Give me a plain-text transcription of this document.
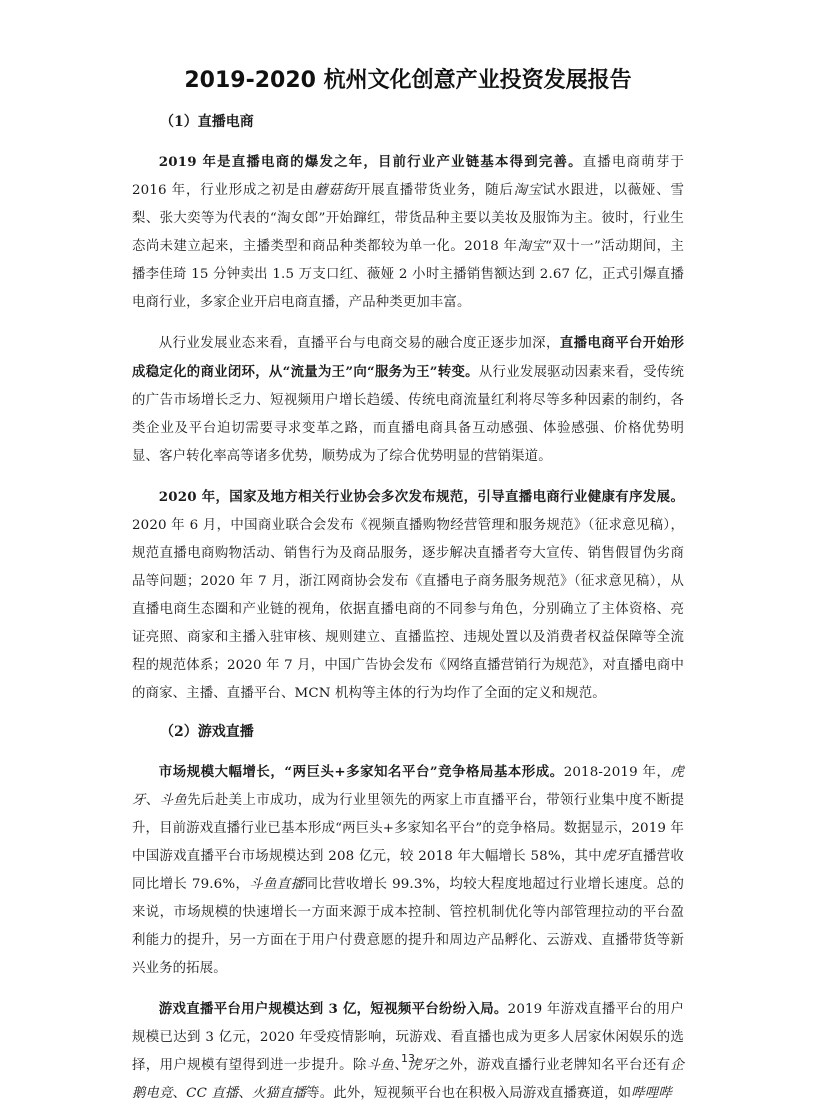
2019-2020 杭州文化创意产业投资发展报告
（1）直播电商

2019 年是直播电商的爆发之年，目前行业产业链基本得到完善。直播电商萌芽于 2016 年，行业形成之初是由蘑菇街开展直播带货业务，随后淘宝试水跟进，以薇娅、雪梨、张大奕等为代表的“淘女郎”开始蹿红，带货品种主要以美妆及服饰为主。彼时，行业生态尚未建立起来，主播类型和商品种类都较为单一化。2018 年淘宝“双十一”活动期间，主播李佳琦 15 分钟卖出 1.5 万支口红、薇娅 2 小时主播销售额达到 2.67 亿，正式引爆直播电商行业，多家企业开启电商直播，产品种类更加丰富。

从行业发展业态来看，直播平台与电商交易的融合度正逐步加深，直播电商平台开始形成稳定化的商业闭环，从“流量为王”向“服务为王”转变。从行业发展驱动因素来看，受传统的广告市场增长乏力、短视频用户增长趋缓、传统电商流量红利将尽等多种因素的制约，各类企业及平台迫切需要寻求变革之路，而直播电商具备互动感强、体验感强、价格优势明显、客户转化率高等诸多优势，顺势成为了综合优势明显的营销渠道。

2020 年，国家及地方相关行业协会多次发布规范，引导直播电商行业健康有序发展。2020 年 6 月，中国商业联合会发布《视频直播购物经营管理和服务规范》（征求意见稿），规范直播电商购物活动、销售行为及商品服务，逐步解决直播者夸大宣传、销售假冒伪劣商品等问题；2020 年 7 月，浙江网商协会发布《直播电子商务服务规范》（征求意见稿），从直播电商生态圈和产业链的视角，依据直播电商的不同参与角色，分别确立了主体资格、亮证亮照、商家和主播入驻审核、规则建立、直播监控、违规处置以及消费者权益保障等全流程的规范体系；2020 年 7 月，中国广告协会发布《网络直播营销行为规范》，对直播电商中的商家、主播、直播平台、MCN 机构等主体的行为均作了全面的定义和规范。

（2）游戏直播

市场规模大幅增长，“两巨头+多家知名平台”竞争格局基本形成。2018-2019 年，虎牙、斗鱼先后赴美上市成功，成为行业里领先的两家上市直播平台，带领行业集中度不断提升，目前游戏直播行业已基本形成“两巨头+多家知名平台”的竞争格局。数据显示，2019 年中国游戏直播平台市场规模达到 208 亿元，较 2018 年大幅增长 58%，其中虎牙直播营收同比增长 79.6%，斗鱼直播同比营收增长 99.3%，均较大程度地超过行业增长速度。总的来说，市场规模的快速增长一方面来源于成本控制、管控机制优化等内部管理拉动的平台盈利能力的提升，另一方面在于用户付费意愿的提升和周边产品孵化、云游戏、直播带货等新兴业务的拓展。

游戏直播平台用户规模达到 3 亿，短视频平台纷纷入局。2019 年游戏直播平台的用户规模已达到 3 亿元，2020 年受疫情影响，玩游戏、看直播也成为更多人居家休闲娱乐的选择，用户规模有望得到进一步提升。除斗鱼、虎牙之外，游戏直播行业老牌知名平台还有企鹅电竞、CC 直播、火猫直播等。此外，短视频平台也在积极入局游戏直播赛道，如哔哩哔

13
